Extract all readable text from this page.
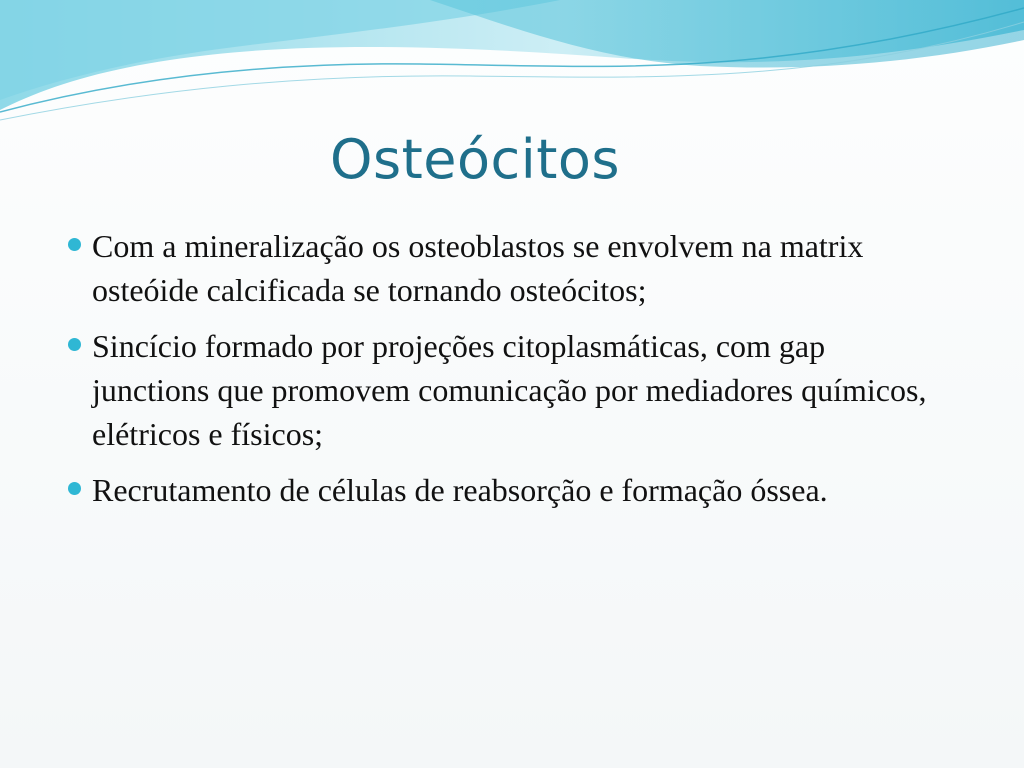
Osteócitos
Com a mineralização os osteoblastos se envolvem na matrix osteóide calcificada se tornando osteócitos;
Sincício formado por projeções citoplasmáticas, com gap junctions que promovem comunicação por mediadores químicos, elétricos e físicos;
Recrutamento de células de reabsorção e formação óssea.
